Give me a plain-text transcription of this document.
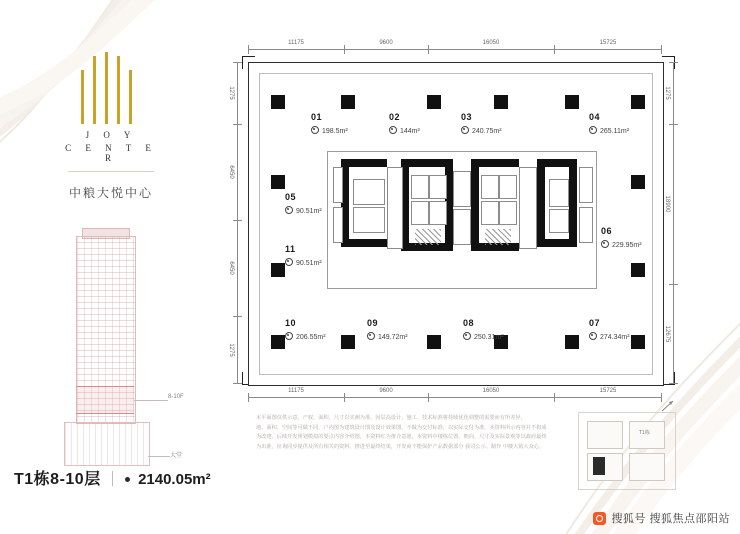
J O Y
C E N T E R
中粮大悦中心
8-10F
大堂
T1栋8-10层 2140.05m²
11175	9600	16050	15725
11175	9600	16050	15725
1275
6450
6450
1275
1275
18900
12675
01
198.5m²
02
144m²
03
240.75m²
04
265.11m²
05
90.51m²
11
90.51m²
06
229.95m²
10
206.55m²
09
149.72m²
08
250.31m²
07
274.34m²
本平面图仅供示意，产权、面积、尺寸以实测为准，因层高设计、施工、技术标准将持续优化调整的需要而有所差异，
地、面积、空间等可做不同，户内图为建筑设计图及设计效果图，不做为交付标准，以实际交付为准。本资料所示内容并不构成
为改建、后续开发规划模拟的要点内容介绍图，本资料红为推介意愿，本资料中楼栋位置、朝向、尺寸及实际景观等以政府最终
为出准，征询同步提供及所有相关的资料、推进至最终结果，开发商不能保护产品数据部分 我司公示、制作 中楼大销大众心。
T1栋
搜狐号 搜狐焦点邵阳站
